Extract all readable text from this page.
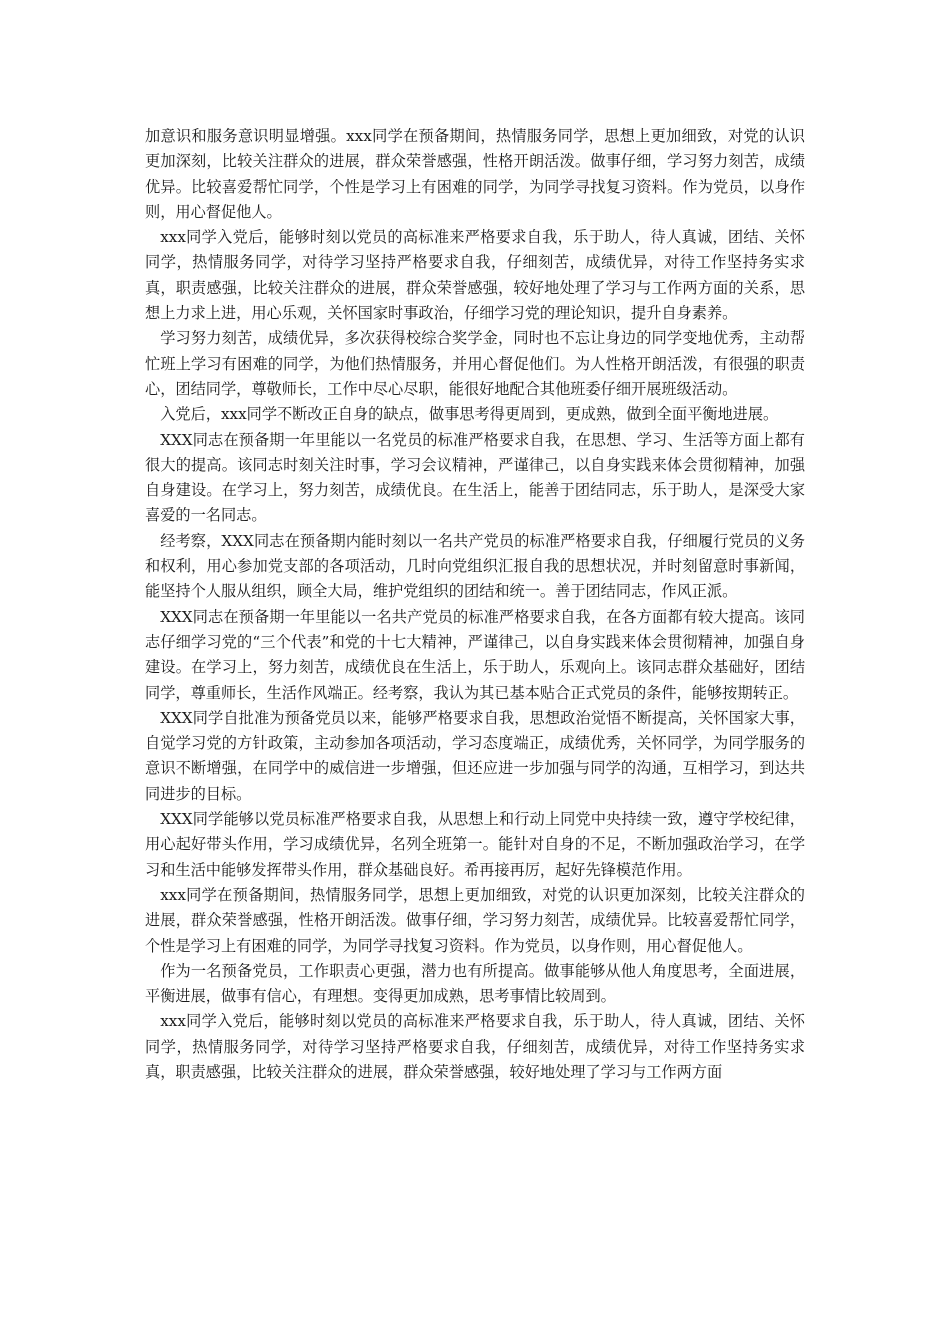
加意识和服务意识明显增强。xxx同学在预备期间，热情服务同学，思想上更加细致，对党的认识更加深刻，比较关注群众的进展，群众荣誉感强，性格开朗活泼。做事仔细，学习努力刻苦，成绩优异。比较喜爱帮忙同学，个性是学习上有困难的同学，为同学寻找复习资料。作为党员，以身作则，用心督促他人。

xxx同学入党后，能够时刻以党员的高标准来严格要求自我，乐于助人，待人真诚，团结、关怀同学，热情服务同学，对待学习坚持严格要求自我，仔细刻苦，成绩优异，对待工作坚持务实求真，职责感强，比较关注群众的进展，群众荣誉感强，较好地处理了学习与工作两方面的关系，思想上力求上进，用心乐观，关怀国家时事政治，仔细学习党的理论知识，提升自身素养。

学习努力刻苦，成绩优异，多次获得校综合奖学金，同时也不忘让身边的同学变地优秀，主动帮忙班上学习有困难的同学，为他们热情服务，并用心督促他们。为人性格开朗活泼，有很强的职责心，团结同学，尊敬师长，工作中尽心尽职，能很好地配合其他班委仔细开展班级活动。

入党后，xxx同学不断改正自身的缺点，做事思考得更周到，更成熟，做到全面平衡地进展。

XXX同志在预备期一年里能以一名党员的标准严格要求自我，在思想、学习、生活等方面上都有很大的提高。该同志时刻关注时事，学习会议精神，严谨律己，以自身实践来体会贯彻精神，加强自身建设。在学习上，努力刻苦，成绩优良。在生活上，能善于团结同志，乐于助人，是深受大家喜爱的一名同志。

经考察，XXX同志在预备期内能时刻以一名共产党员的标准严格要求自我，仔细履行党员的义务和权利，用心参加党支部的各项活动，几时向党组织汇报自我的思想状况，并时刻留意时事新闻，能坚持个人服从组织，顾全大局，维护党组织的团结和统一。善于团结同志，作风正派。

XXX同志在预备期一年里能以一名共产党员的标准严格要求自我，在各方面都有较大提高。该同志仔细学习党的“三个代表”和党的十七大精神，严谨律己，以自身实践来体会贯彻精神，加强自身建设。在学习上，努力刻苦，成绩优良在生活上，乐于助人，乐观向上。该同志群众基础好，团结同学，尊重师长，生活作风端正。经考察，我认为其已基本贴合正式党员的条件，能够按期转正。

XXX同学自批准为预备党员以来，能够严格要求自我，思想政治觉悟不断提高，关怀国家大事，自觉学习党的方针政策，主动参加各项活动，学习态度端正，成绩优秀，关怀同学，为同学服务的意识不断增强，在同学中的威信进一步增强，但还应进一步加强与同学的沟通，互相学习，到达共同进步的目标。

XXX同学能够以党员标准严格要求自我，从思想上和行动上同党中央持续一致，遵守学校纪律，用心起好带头作用，学习成绩优异，名列全班第一。能针对自身的不足，不断加强政治学习，在学习和生活中能够发挥带头作用，群众基础良好。希再接再厉，起好先锋模范作用。

xxx同学在预备期间，热情服务同学，思想上更加细致，对党的认识更加深刻，比较关注群众的进展，群众荣誉感强，性格开朗活泼。做事仔细，学习努力刻苦，成绩优异。比较喜爱帮忙同学，个性是学习上有困难的同学，为同学寻找复习资料。作为党员，以身作则，用心督促他人。

作为一名预备党员，工作职责心更强，潜力也有所提高。做事能够从他人角度思考，全面进展，平衡进展，做事有信心，有理想。变得更加成熟，思考事情比较周到。

xxx同学入党后，能够时刻以党员的高标准来严格要求自我，乐于助人，待人真诚，团结、关怀同学，热情服务同学，对待学习坚持严格要求自我，仔细刻苦，成绩优异，对待工作坚持务实求真，职责感强，比较关注群众的进展，群众荣誉感强，较好地处理了学习与工作两方面
